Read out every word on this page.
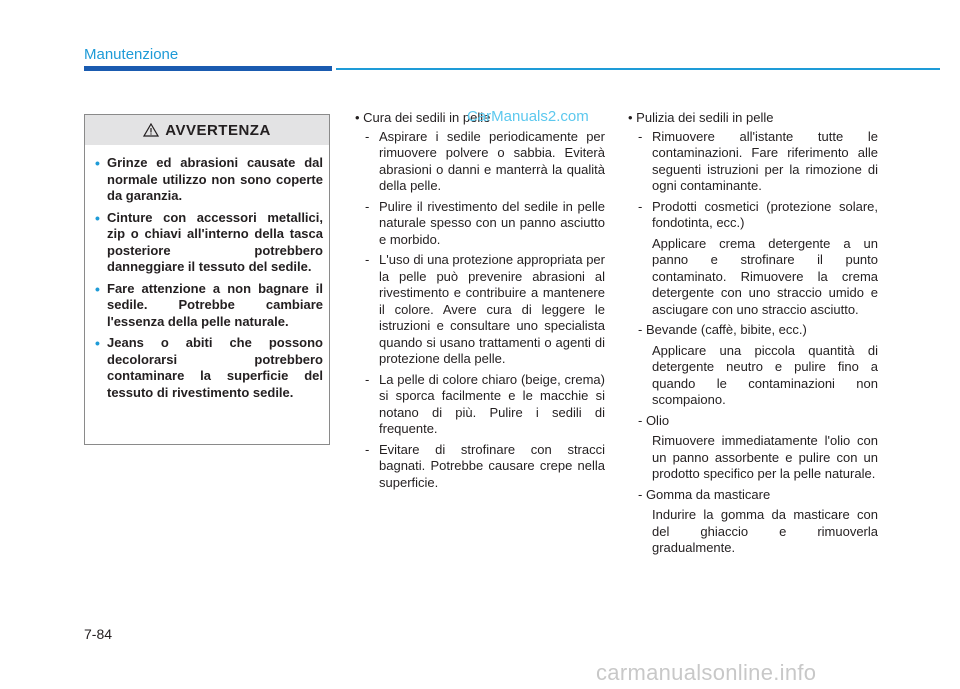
Manutenzione
AVVERTENZA
• Grinze ed abrasioni causate dal normale utilizzo non sono coperte da garanzia.
• Cinture con accessori metallici, zip o chiavi all'interno della tasca posteriore potrebbero danneggiare il tessuto del sedile.
• Fare attenzione a non bagnare il sedile. Potrebbe cambiare l'essenza della pelle naturale.
• Jeans o abiti che possono decolorarsi potrebbero contaminare la superficie del tessuto di rivestimento sedile.

• Cura dei sedili in pelle

- Aspirare i sedile periodicamente per rimuovere polvere o sabbia. Eviterà abrasioni o danni e manterrà la qualità della pelle.
- Pulire il rivestimento del sedile in pelle naturale spesso con un panno asciutto e morbido.
- L'uso di una protezione appropriata per la pelle può prevenire abrasioni al rivestimento e contribuire a mantenere il colore. Avere cura di leggere le istruzioni e consultare uno specialista quando si usano trattamenti o agenti di protezione della pelle.
- La pelle di colore chiaro (beige, crema) si sporca facilmente e le macchie si notano di più. Pulire i sedili di frequente.
- Evitare di strofinare con stracci bagnati. Potrebbe causare crepe nella superficie.
CarManuals2.com	• Pulizia dei sedili in pelle

- Rimuovere all'istante tutte le contaminazioni. Fare riferimento alle seguenti istruzioni per la rimozione di ogni contaminante.
- Prodotti cosmetici (protezione solare, fondotinta, ecc.)

Applicare crema detergente a un panno e strofinare il punto contaminato. Rimuovere la crema detergente con uno straccio umido e asciugare con uno straccio asciutto.

- Bevande (caffè, bibite, ecc.)

Applicare una piccola quantità di detergente neutro e pulire fino a quando le contaminazioni non scompaiono.

- Olio

Rimuovere immediatamente l'olio con un panno assorbente e pulire con un prodotto specifico per la pelle naturale.

- Gomma da masticare

Indurire la gomma da masticare con del ghiaccio e rimuoverla gradualmente.

7-84
carmanualsonline.info
